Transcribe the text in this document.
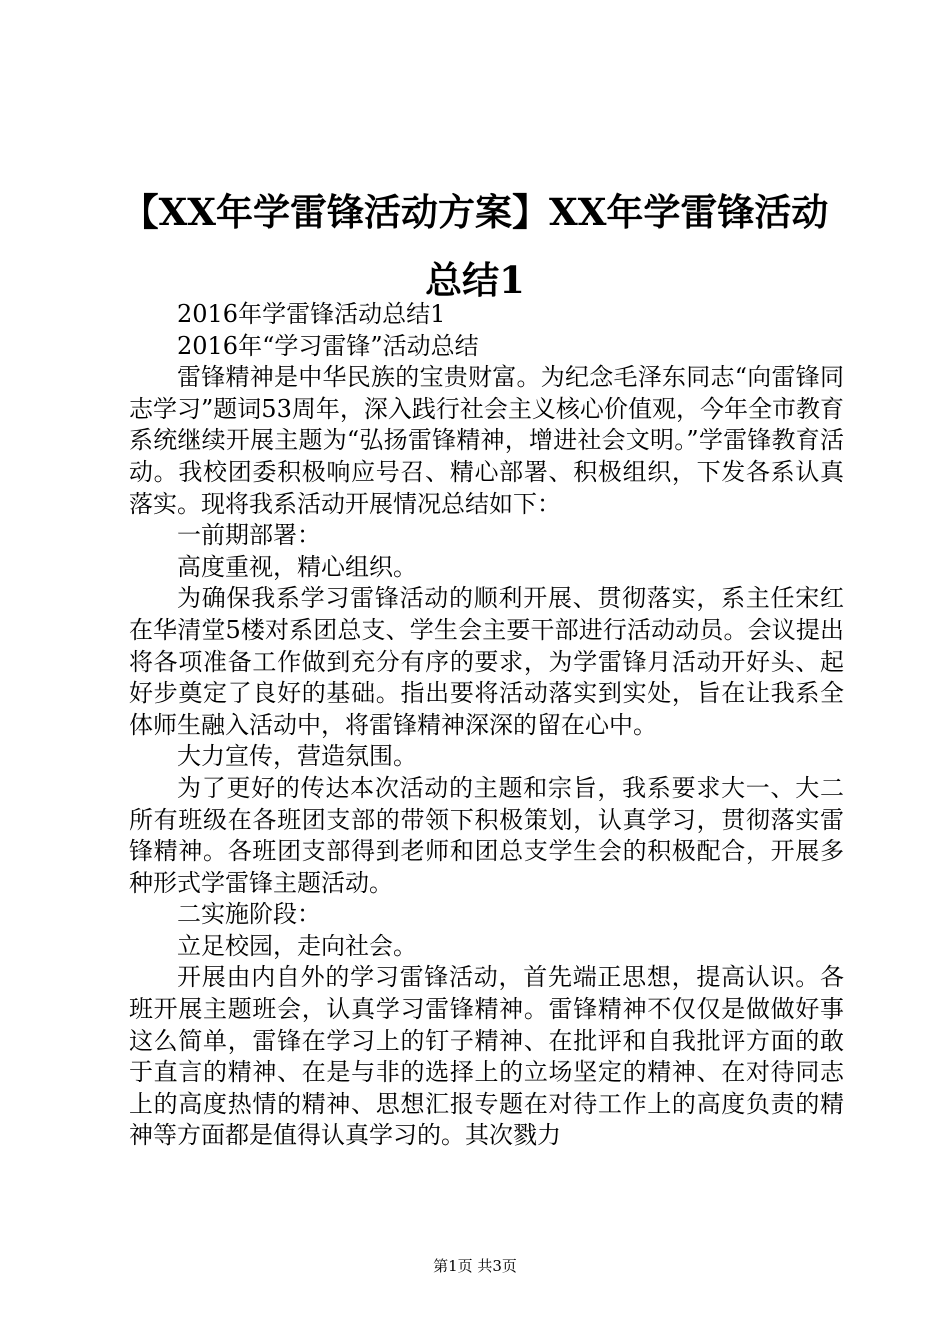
【XX年学雷锋活动方案】XX年学雷锋活动总结1

2016年学雷锋活动总结1

2016年“学习雷锋”活动总结

雷锋精神是中华民族的宝贵财富。为纪念毛泽东同志“向雷锋同志学习”题词53周年，深入践行社会主义核心价值观，今年全市教育系统继续开展主题为“弘扬雷锋精神，增进社会文明。”学雷锋教育活动。我校团委积极响应号召、精心部署、积极组织，下发各系认真落实。现将我系活动开展情况总结如下：

一前期部署：

高度重视，精心组织。

为确保我系学习雷锋活动的顺利开展、贯彻落实，系主任宋红在华清堂5楼对系团总支、学生会主要干部进行活动动员。会议提出将各项准备工作做到充分有序的要求，为学雷锋月活动开好头、起好步奠定了良好的基础。指出要将活动落实到实处，旨在让我系全体师生融入活动中，将雷锋精神深深的留在心中。

大力宣传，营造氛围。

为了更好的传达本次活动的主题和宗旨，我系要求大一、大二所有班级在各班团支部的带领下积极策划，认真学习，贯彻落实雷锋精神。各班团支部得到老师和团总支学生会的积极配合，开展多种形式学雷锋主题活动。

二实施阶段：

立足校园，走向社会。

开展由内自外的学习雷锋活动，首先端正思想，提高认识。各班开展主题班会，认真学习雷锋精神。雷锋精神不仅仅是做做好事这么简单，雷锋在学习上的钉子精神、在批评和自我批评方面的敢于直言的精神、在是与非的选择上的立场坚定的精神、在对待同志上的高度热情的精神、思想汇报专题在对待工作上的高度负责的精神等方面都是值得认真学习的。其次戮力

第1页 共3页
